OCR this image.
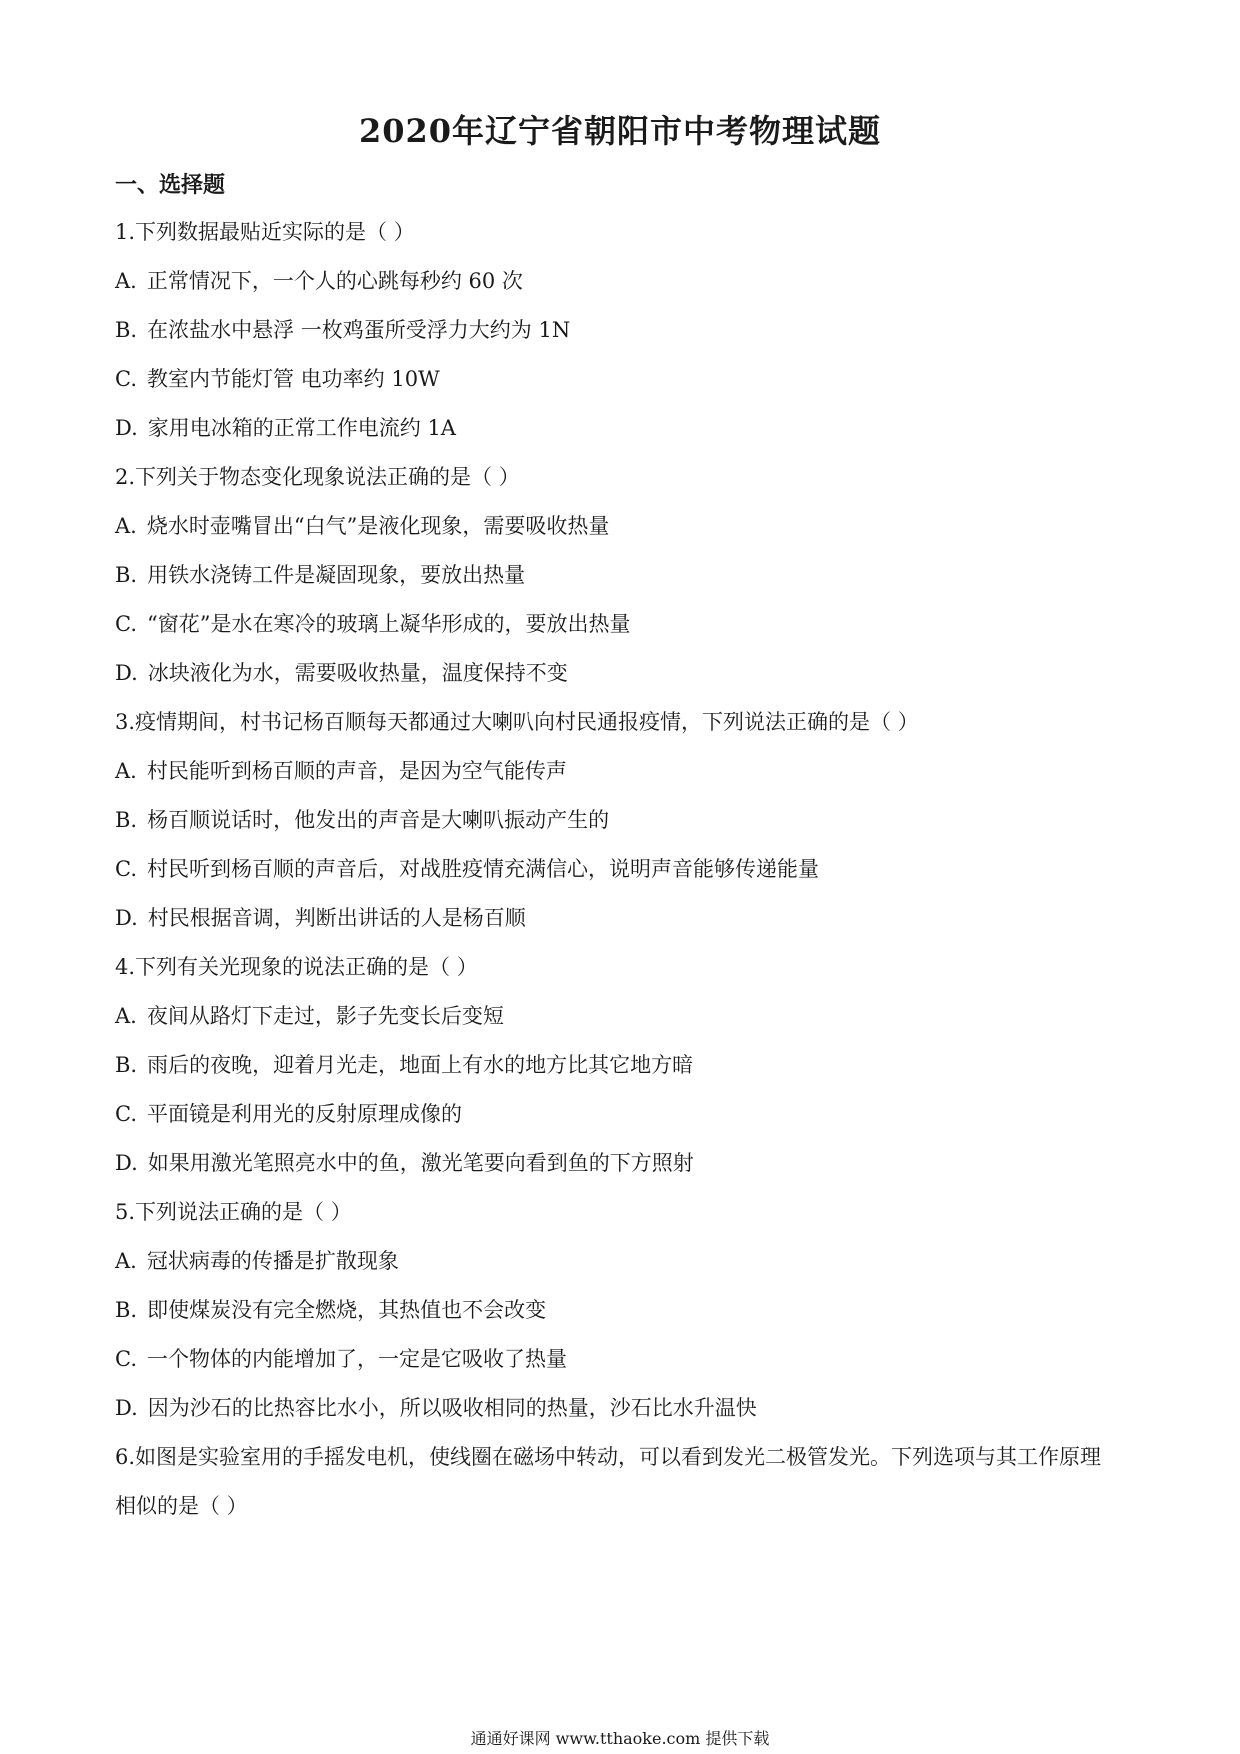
2020年辽宁省朝阳市中考物理试题
一、选择题
1.下列数据最贴近实际的是（ ）
A. 正常情况下，一个人的心跳每秒约 60 次
B. 在浓盐水中悬浮 一枚鸡蛋所受浮力大约为 1N
C. 教室内节能灯管 电功率约 10W
D. 家用电冰箱的正常工作电流约 1A
2.下列关于物态变化现象说法正确的是（ ）
A. 烧水时壶嘴冒出“白气”是液化现象，需要吸收热量
B. 用铁水浇铸工件是凝固现象，要放出热量
C. “窗花”是水在寒冷的玻璃上凝华形成的，要放出热量
D. 冰块液化为水，需要吸收热量，温度保持不变
3.疫情期间，村书记杨百顺每天都通过大喇叭向村民通报疫情，下列说法正确的是（ ）
A. 村民能听到杨百顺的声音，是因为空气能传声
B. 杨百顺说话时，他发出的声音是大喇叭振动产生的
C. 村民听到杨百顺的声音后，对战胜疫情充满信心，说明声音能够传递能量
D. 村民根据音调，判断出讲话的人是杨百顺
4.下列有关光现象的说法正确的是（ ）
A. 夜间从路灯下走过，影子先变长后变短
B. 雨后的夜晚，迎着月光走，地面上有水的地方比其它地方暗
C. 平面镜是利用光的反射原理成像的
D. 如果用激光笔照亮水中的鱼，激光笔要向看到鱼的下方照射
5.下列说法正确的是（ ）
A. 冠状病毒的传播是扩散现象
B. 即使煤炭没有完全燃烧，其热值也不会改变
C. 一个物体的内能增加了，一定是它吸收了热量
D. 因为沙石的比热容比水小，所以吸收相同的热量，沙石比水升温快
6.如图是实验室用的手摇发电机，使线圈在磁场中转动，可以看到发光二极管发光。下列选项与其工作原理
相似的是（ ）
通通好课网 www.tthaoke.com 提供下载
